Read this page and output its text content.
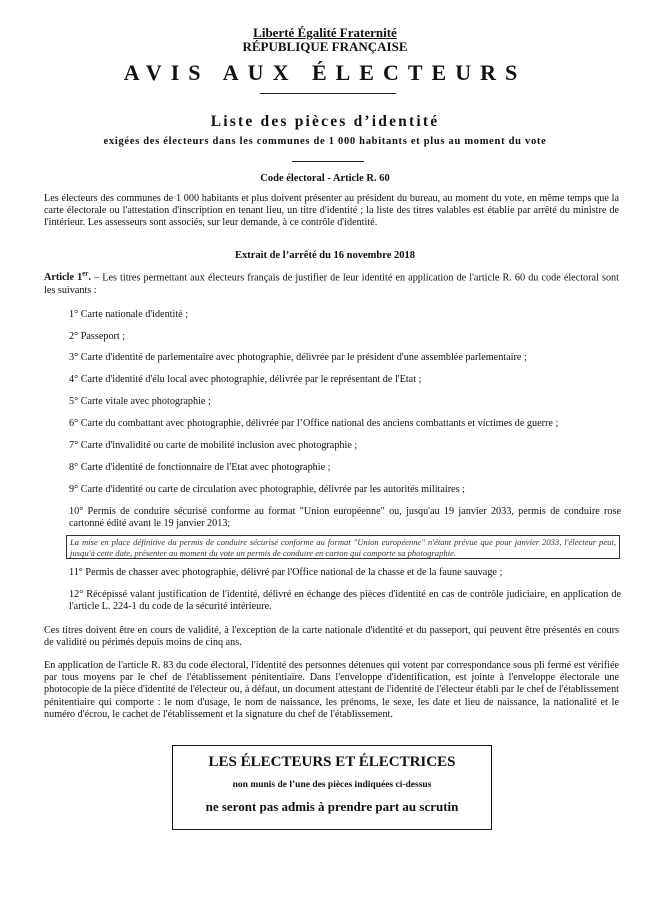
Liberté Égalité Fraternité
RÉPUBLIQUE FRANÇAISE
AVIS AUX ÉLECTEURS
Liste des pièces d’identité
exigées des électeurs dans les communes de 1 000 habitants et plus au moment du vote
Code électoral - Article R. 60
Les électeurs des communes de 1 000 habitants et plus doivent présenter au président du bureau, au moment du vote, en même temps que la carte électorale ou l'attestation d'inscription en tenant lieu, un titre d'identité ; la liste des titres valables est établie par arrêté du ministre de l'intérieur. Les assesseurs sont associés, sur leur demande, à ce contrôle d'identité.
Extrait de l’arrêté du 16 novembre 2018
Article 1er. – Les titres permettant aux électeurs français de justifier de leur identité en application de l'article R. 60 du code électoral sont les suivants :
1° Carte nationale d'identité ;
2° Passeport ;
3° Carte d'identité de parlementaire avec photographie, délivrée par le président d'une assemblée parlementaire ;
4° Carte d'identité d'élu local avec photographie, délivrée par le représentant de l'Etat ;
5° Carte vitale avec photographie ;
6° Carte du combattant avec photographie, délivrée par l’Office national des anciens combattants et victimes de guerre ;
7° Carte d'invalidité ou carte de mobilité inclusion avec photographie ;
8° Carte d'identité de fonctionnaire de l'Etat avec photographie ;
9° Carte d'identité ou carte de circulation avec photographie, délivrée par les autorités militaires ;
10° Permis de conduire sécurisé conforme au format "Union européenne" ou, jusqu'au 19 janvier 2033, permis de conduire rose cartonné édité avant le 19 janvier 2013;
La mise en place définitive du permis de conduire sécurisé conforme au format "Union européenne" n'étant prévue que pour janvier 2033, l'électeur peut, jusqu'à cette date, présenter au moment du vote un permis de conduire en carton qui comporte sa photographie.
11° Permis de chasser avec photographie, délivré par l'Office national de la chasse et de la faune sauvage ;
12° Récépissé valant justification de l'identité, délivré en échange des pièces d'identité en cas de contrôle judiciaire, en application de l'article L. 224-1 du code de la sécurité intérieure.
Ces titres doivent être en cours de validité, à l'exception de la carte nationale d'identité et du passeport, qui peuvent être présentés en cours de validité ou périmés depuis moins de cinq ans.
En application de l'article R. 83 du code électoral, l'identité des personnes détenues qui votent par correspondance sous pli fermé est vérifiée par tous moyens par le chef de l'établissement pénitentiaire. Dans l'enveloppe d'identification, est jointe à l'enveloppe électorale une photocopie de la pièce d'identité de l'électeur ou, à défaut, un document attestant de l'identité de l'électeur établi par le chef de l'établissement pénitentiaire qui comporte : le nom d'usage, le nom de naissance, les prénoms, le sexe, les date et lieu de naissance, la nationalité et le numéro d'écrou, le cachet de l'établissement et la signature du chef de l'établissement.
LES ÉLECTEURS ET ÉLECTRICES
non munis de l’une des pièces indiquées ci-dessus
ne seront pas admis à prendre part au scrutin
